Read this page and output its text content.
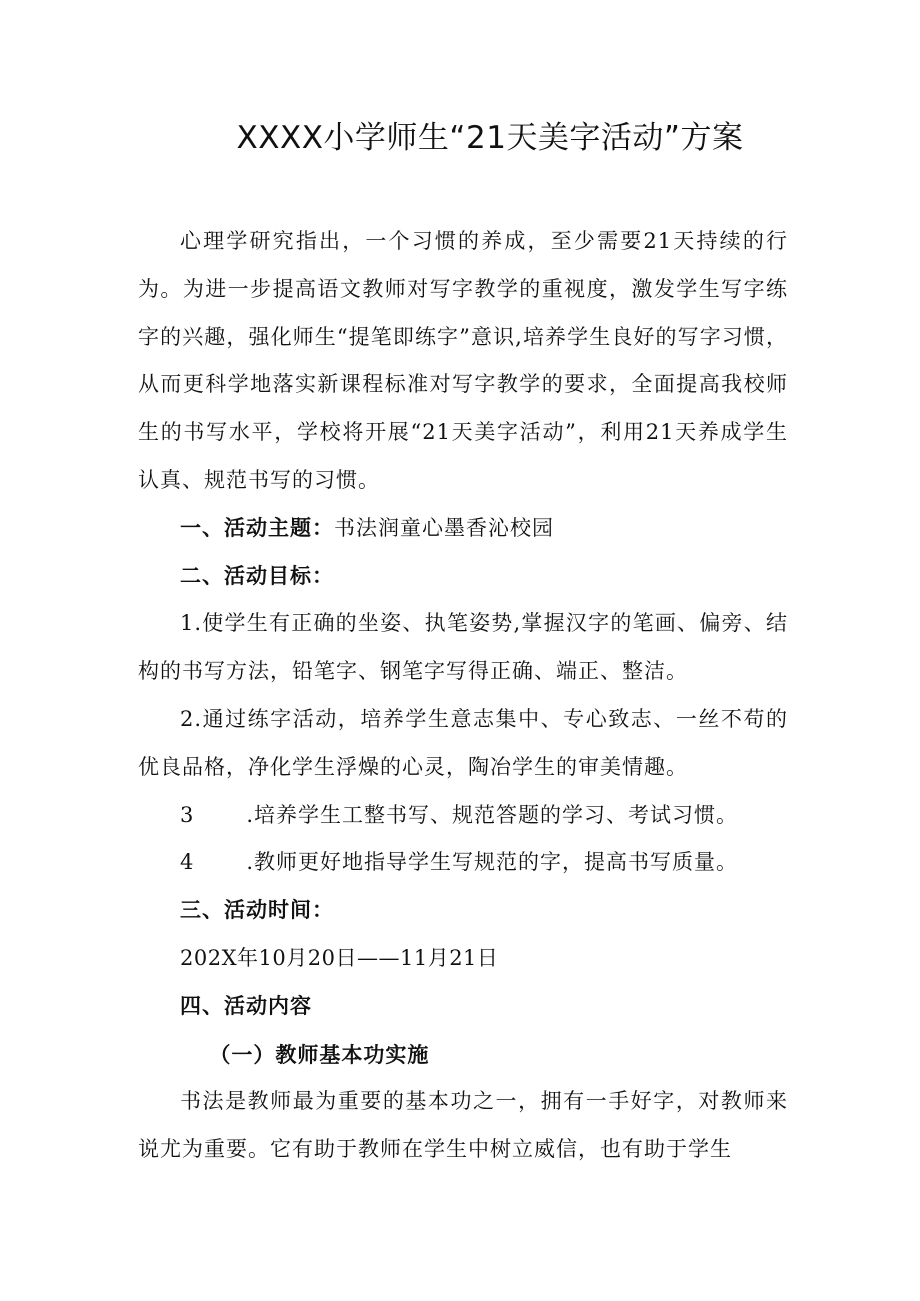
XXXX小学师生“21天美字活动”方案

心理学研究指出，一个习惯的养成，至少需要21天持续的行为。为进一步提高语文教师对写字教学的重视度，激发学生写字练字的兴趣，强化师生“提笔即练字”意识,培养学生良好的写字习惯，从而更科学地落实新课程标准对写字教学的要求，全面提高我校师生的书写水平，学校将开展“21天美字活动”，利用21天养成学生认真、规范书写的习惯。

一、活动主题：书法润童心墨香沁校园

二、活动目标：

1.使学生有正确的坐姿、执笔姿势,掌握汉字的笔画、偏旁、结构的书写方法，铅笔字、钢笔字写得正确、端正、整洁。

2.通过练字活动，培养学生意志集中、专心致志、一丝不苟的优良品格，净化学生浮燥的心灵，陶冶学生的审美情趣。

3 .培养学生工整书写、规范答题的学习、考试习惯。

4 .教师更好地指导学生写规范的字，提高书写质量。

三、活动时间：

202X年10月20日——11月21日

四、活动内容

（一）教师基本功实施

书法是教师最为重要的基本功之一，拥有一手好字，对教师来说尤为重要。它有助于教师在学生中树立威信，也有助于学生
